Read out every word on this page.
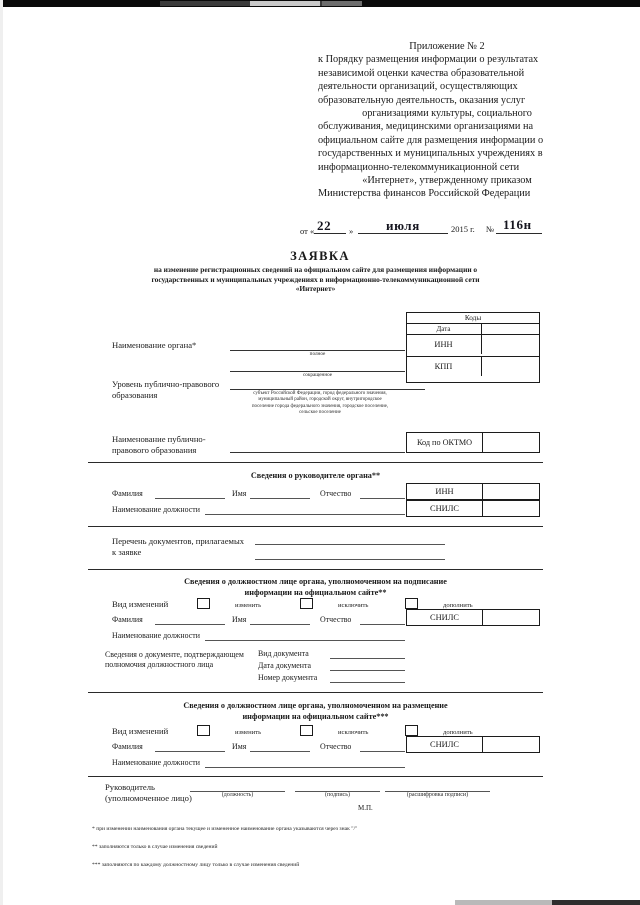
Приложение № 2
к Порядку размещения информации о результатах
независимой оценки качества образовательной
деятельности организаций, осуществляющих
образовательную деятельность, оказания услуг
организациями культуры, социального
обслуживания, медицинскими организациями на
официальном сайте для размещения информации о
государственных и муниципальных учреждениях в
информационно-телекоммуникационной сети
«Интернет», утвержденному приказом
Министерства финансов Российской Федерации
от « 22 »	июля	2015 г. № 116н
ЗАЯВКА
на изменение регистрационных сведений на официальном сайте для размещения информации о
государственных и муниципальных учреждениях в информационно-телекоммуникационной сети
«Интернет»
Коды
Дата
ИНН
КПП
Наименование органа*
полное
сокращенное
Уровень публично-правового
образования	субъект Российской Федерации, город федерального значения,
муниципальный район, городской округ, внутригородское
поселение города федерального значения, городское поселение,
сельское поселение
Наименование публично-
правового образования
Код по ОКТМО
Сведения о руководителе органа**
Фамилия	Имя	Отчество
Наименование должности
ИНН
СНИЛС
Перечень документов, прилагаемых
к заявке
Сведения о должностном лице органа, уполномоченном на подписание
информации на официальном сайте**
Вид изменений	изменить	исключить	дополнить
Фамилия	Имя	Отчество	СНИЛС
Наименование должности
Сведения о документе, подтверждающем
полномочия должностного лица
Вид документа
Дата документа
Номер документа
Сведения о должностном лице органа, уполномоченном на размещение
информации на официальном сайте***
Вид изменений	изменить	исключить	дополнить
Фамилия	Имя	Отчество	СНИЛС
Наименование должности
Руководитель
(уполномоченное лицо)	(должность)	(подпись)	(расшифровка подписи)
М.П.
* при изменении наименования органа текущее и измененное наименование органа указываются через знак "/"
** заполняются только в случае изменения сведений
*** заполняются по каждому должностному лицу только в случае изменения сведений
